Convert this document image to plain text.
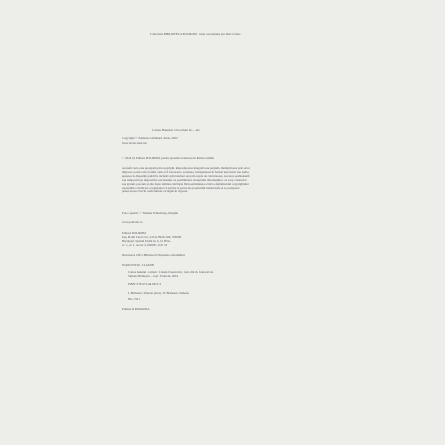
Collection BIBLIOTECA POLIROM · série coordonnée par Dan Cristea
Cartea Hanului. Un roman în ... ale
Copyright © Editions Gallimard, Paris, 2022
Tous droits réservés
© 2024 by Editura POLIROM, pentru prezenta traducere în limba română
Această carte este protejată prin copyright. Reproducerea integrală sau parțială, multiplicarea prin orice
mijloace și sub orice formă, cum ar fi xeroxarea, scanarea, transpunerea în format electronic sau audio,
punerea la dispoziția publică, inclusiv prin internet sau prin rețele de calculatoare, stocarea permanentă
sau temporară pe dispozitive sau sisteme cu posibilitatea recuperării informațiilor, cu scop comercial
sau gratuit, precum și alte fapte similare săvârșite fără permisiunea scrisă a deținătorului copyrightului
reprezintă o încălcare a legislației cu privire la protecția proprietății intelectuale și se pedepsesc
penal și/sau civil în conformitate cu legile în vigoare.
Foto copertă: © Thomas Winterberg, Imagini
www.polirom.ro
Editura POLIROM
Iași, B-dul Carol I nr. 4; P.O. BOX 266, 700506
București, Splaiul Unirii nr. 6, bl. B3A,
sc. 1, et. 1, sector 4, 040031, O.P. 53
Descrierea CIP a Bibliotecii Naționale a României:
IVANOVICIU, CLAUDE
Cartea hanului : roman / Claude Ivanoviciu ; trad. din lb. franceză de
Simona Brânzaru. – Iași : Polirom, 2024
ISBN: 978-973-46-9913-3
I. Brânzaru, Simona (trad.). II. Brânzaru, Simona
821.133.1
Printed in ROMANIA
